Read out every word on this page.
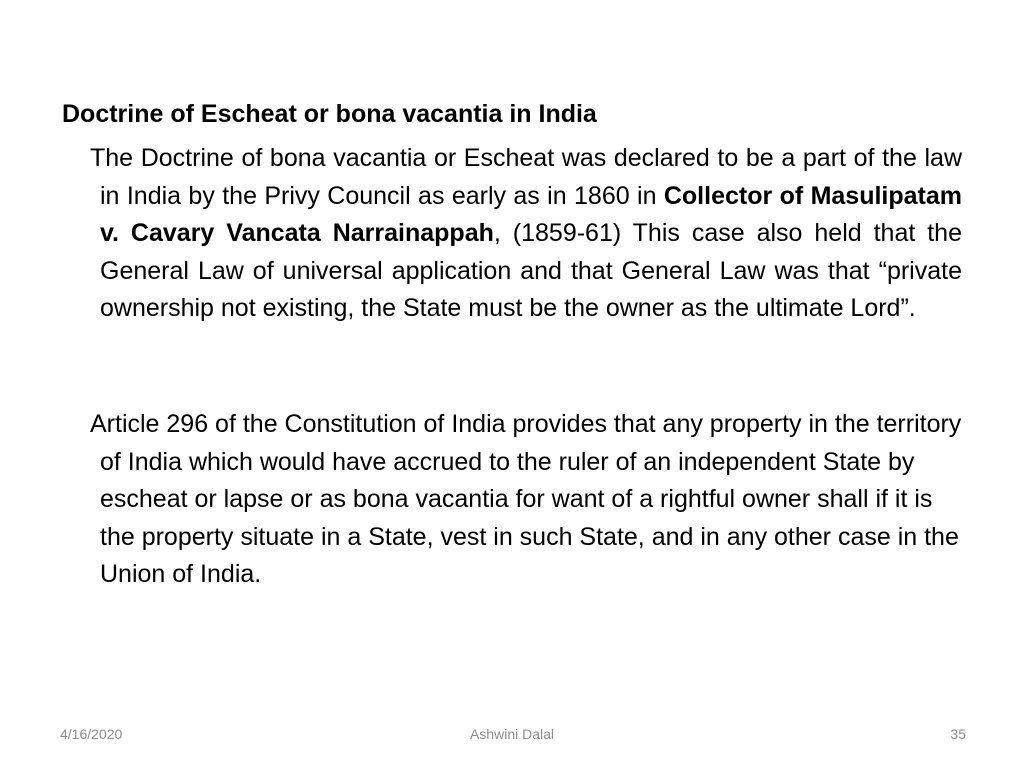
Doctrine of Escheat or bona vacantia in India
The Doctrine of bona vacantia or Escheat was declared to be a part of the law in India by the Privy Council as early as in 1860 in Collector of Masulipatam v. Cavary Vancata Narrainappah, (1859-61) This case also held that the General Law of universal application and that General Law was that “private ownership not existing, the State must be the owner as the ultimate Lord”.
Article 296 of the Constitution of India provides that any property in the territory of India which would have accrued to the ruler of an independent State by escheat or lapse or as bona vacantia for want of a rightful owner shall if it is the property situate in a State, vest in such State, and in any other case in the Union of India.
4/16/2020	Ashwini Dalal	35
